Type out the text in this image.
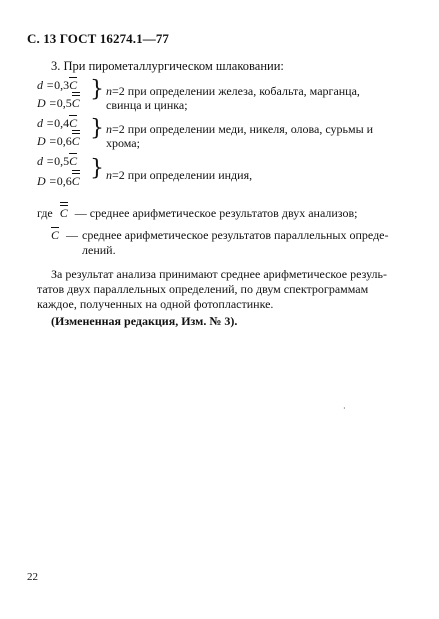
С. 13 ГОСТ 16274.1—77
3. При пирометаллургическом шлаковании:
d =0,3C
D =0,5C
} n=2 при определении железа, кобальта, марганца,
свинца и цинка;
d =0,4C
D =0,6C } n=2 при определении меди, никеля, олова, сурьмы и
хрома;
d =0,5C
D =0,6C } n=2 при определении индия,
где C — среднее арифметическое результатов двух анализов;
C — среднее арифметическое результатов параллельных опреде-
лений.
За результат анализа принимают среднее арифметическое резуль-
татов двух параллельных определений, по двум спектрограммам
каждое, полученных на одной фотопластинке.
(Измененная редакция, Изм. № 3).
·
22
